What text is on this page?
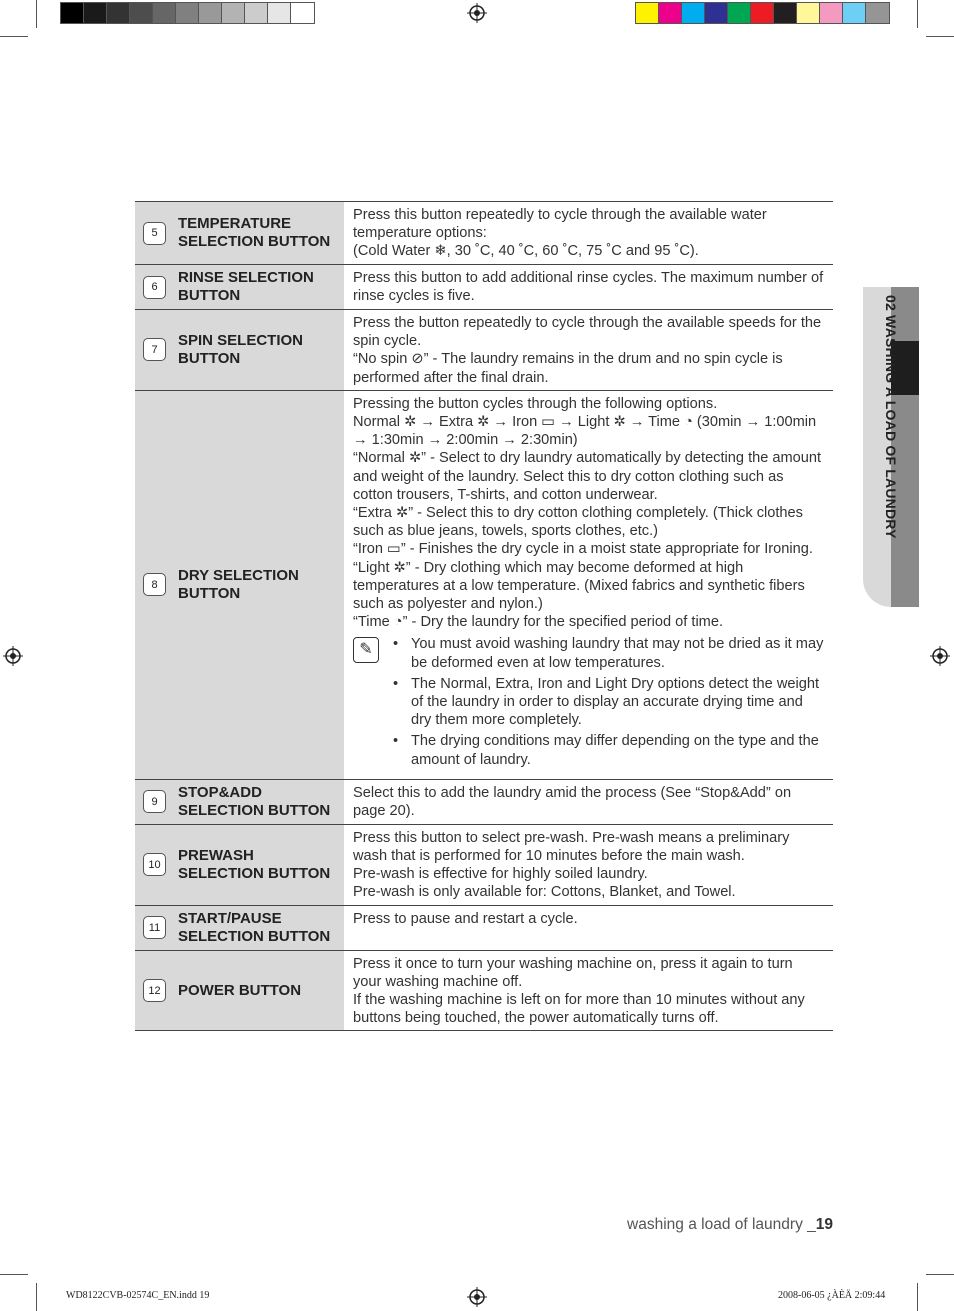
02 WASHING A LOAD OF LAUNDRY
5
TEMPERATURE SELECTION BUTTON

Press this button repeatedly to cycle through the available water temperature options:

(Cold Water ❄, 30 ˚C, 40 ˚C, 60 ˚C, 75 ˚C and 95 ˚C).

6
RINSE SELECTION BUTTON

Press this button to add additional rinse cycles. The maximum number of rinse cycles is five.

7
SPIN SELECTION BUTTON

Press the button repeatedly to cycle through the available speeds for the spin cycle.

“No spin ⊘” - The laundry remains in the drum and no spin cycle is performed after the final drain.

8
DRY SELECTION BUTTON

Pressing the button cycles through the following options.

Normal ✲ → Extra ✲ → Iron ▭ → Light ✲ → Time ◔ (30min → 1:00min → 1:30min → 2:00min → 2:30min)

“Normal ✲” - Select to dry laundry automatically by detecting the amount and weight of the laundry. Select this to dry cotton clothing such as cotton trousers, T-shirts, and cotton underwear.

“Extra ✲” - Select this to dry cotton clothing completely. (Thick clothes such as blue jeans, towels, sports clothes, etc.)

“Iron ▭” - Finishes the dry cycle in a moist state appropriate for Ironing.

“Light ✲” - Dry clothing which may become deformed at high temperatures at a low temperature. (Mixed fabrics and synthetic fibers such as polyester and nylon.)

“Time ◔” - Dry the laundry for the specified period of time.

✎
•	You must avoid washing laundry that may not be dried as it may be deformed even at low temperatures.
• The Normal, Extra, Iron and Light Dry options detect the weight of the laundry in order to display an accurate drying time and dry them more completely.
• The drying conditions may differ depending on the type and the amount of laundry.
9
STOP&ADD SELECTION BUTTON

Select this to add the laundry amid the process (See “Stop&Add” on page 20).

10
PREWASH SELECTION BUTTON

Press this button to select pre-wash. Pre-wash means a preliminary wash that is performed for 10 minutes before the main wash.

Pre-wash is effective for highly soiled laundry.

Pre-wash is only available for: Cottons, Blanket, and Towel.

11
START/PAUSE SELECTION BUTTON

Press to pause and restart a cycle.

12	POWER BUTTON

Press it once to turn your washing machine on, press it again to turn your washing machine off.

If the washing machine is left on for more than 10 minutes without any buttons being touched, the power automatically turns off.

washing a load of laundry _19
WD8122CVB-02574C_EN.indd 19	2008-06-05 ¿ÀÈÄ 2:09:44
